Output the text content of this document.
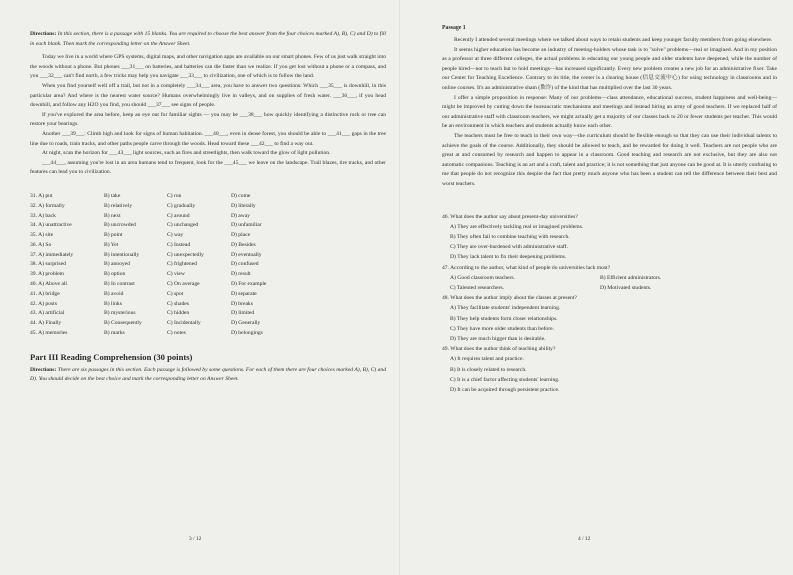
Directions: In this section, there is a passage with 15 blanks. You are required to choose the best answer from the four choices marked A), B), C) and D) to fill in each blank. Then mark the corresponding letter on the Answer Sheet.

Today we live in a world where GPS systems, digital maps, and other navigation apps are available on our smart phones. Few of us just walk straight into the woods without a phone. But phones ___31___ on batteries, and batteries can die faster than we realize. If you get lost without a phone or a compass, and you ___32___ can't find north, a few tricks may help you navigate ___33___ to civilization, one of which is to follow the land.

When you find yourself well off a trail, but not in a completely ___34___ area, you have to answer two questions: Which ___35___ is downhill, in this particular area? And where is the nearest water source? Humans overwhelmingly live in valleys, and on supplies of fresh water. ___36___, if you head downhill, and follow any H2O you find, you should ___37___ see signs of people.

If you've explored the area before, keep an eye out for familiar sights — you may be ___38___ how quickly identifying a distinctive rock or tree can restore your bearings.

Another ___39___: Climb high and look for signs of human habitation. ___40___, even in dense forest, you should be able to ___41___ gaps in the tree line due to roads, train tracks, and other paths people carve through the woods. Head toward these ___42___ to find a way out.

At night, scan the horizon for ___43___ light sources, such as fires and streetlights, then walk toward the glow of light pollution.

___44___, assuming you're lost in an area humans tend to frequent, look for the ___45___ we leave on the landscape. Trail blazes, tire tracks, and other features can lead you to civilization.

31. A) put	B) take	C) run	D) come
32. A) formally	B) relatively	C) gradually	D) literally
33. A) back	B) next	C) around	D) away
34. A) unattractive	B) uncrowded	C) unchanged	D) unfamiliar
35. A) site	B) point	C) way	D) place
36. A) So	B) Yet	C) Instead	D) Besides
37. A) immediately	B) intentionally	C) unexpectedly	D) eventually
38. A) surprised	B) annoyed	C) frightened	D) confused
39. A) problem	B) option	C) view	D) result
40. A) Above all	B) In contrast	C) On average	D) For example
41. A) bridge	B) avoid	C) spot	D) separate
42. A) posts	B) links	C) shades	D) breaks
43. A) artificial	B) mysterious	C) hidden	D) limited
44. A) Finally	B) Consequently	C) Incidentally	D) Generally
45. A) memories	B) marks	C) notes	D) belongings
Part III Reading Comprehension (30 points)

Directions: There are six passages in this section. Each passage is followed by some questions. For each of them there are four choices marked A), B), C) and D). You should decide on the best choice and mark the corresponding letter on Answer Sheet.

3 / 12
Passage 1

Recently I attended several meetings where we talked about ways to retain students and keep younger faculty members from going elsewhere.

It seems higher education has become an industry of meeting-holders whose task is to "solve" problems—real or imagined. And in my position as a professor at three different colleges, the actual problems in educating our young people and older students have deepened, while the number of people hired—not to teach but to hold meetings—has increased significantly. Every new problem creates a new job for an administrative fixer. Take our Center for Teaching Excellence. Contrary to its title, the center is a clearing house (信息交流中心) for using technology in classrooms and in online courses. It's an administrative sham (欺诈) of the kind that has multiplied over the last 30 years.

I offer a simple proposition in response: Many of our problems—class attendance, educational success, student happiness and well-being—might be improved by cutting down the bureaucratic mechanisms and meetings and instead hiring an army of good teachers. If we replaced half of our administrative staff with classroom teachers, we might actually get a majority of our classes back to 20 or fewer students per teacher. This would be an environment in which teachers and students actually know each other.

The teachers must be free to teach in their own way—the curriculum should be flexible enough so that they can use their individual talents to achieve the goals of the course. Additionally, they should be allowed to teach, and be rewarded for doing it well. Teachers are not people who are great at and consumed by research and happen to appear in a classroom. Good teaching and research are not exclusive, but they are also not automatic companions. Teaching is an art and a craft, talent and practice; it is not something that just anyone can be good at. It is utterly confusing to me that people do not recognize this despite the fact that pretty much anyone who has been a student can tell the difference between their best and worst teachers.

46. What does the author say about present-day universities?
A) They are effectively tackling real or imagined problems.
B) They often fail to combine teaching with research.
C) They are over-burdened with administrative staff.
D) They lack talent to fix their deepening problems.
47. According to the author, what kind of people do universities lack most?
A) Good classroom teachers.	B) Efficient administrators.
C) Talented researchers.	D) Motivated students.
48. What does the author imply about the classes at present?
A) They facilitate students' independent learning.
B) They help students form closer relationships.
C) They have more older students than before.
D) They are much bigger than is desirable.
49. What does the author think of teaching ability?
A) It requires talent and practice.
B) It is closely related to research.
C) It is a chief factor affecting students' learning.
D) It can be acquired through persistent practice.
4 / 12
